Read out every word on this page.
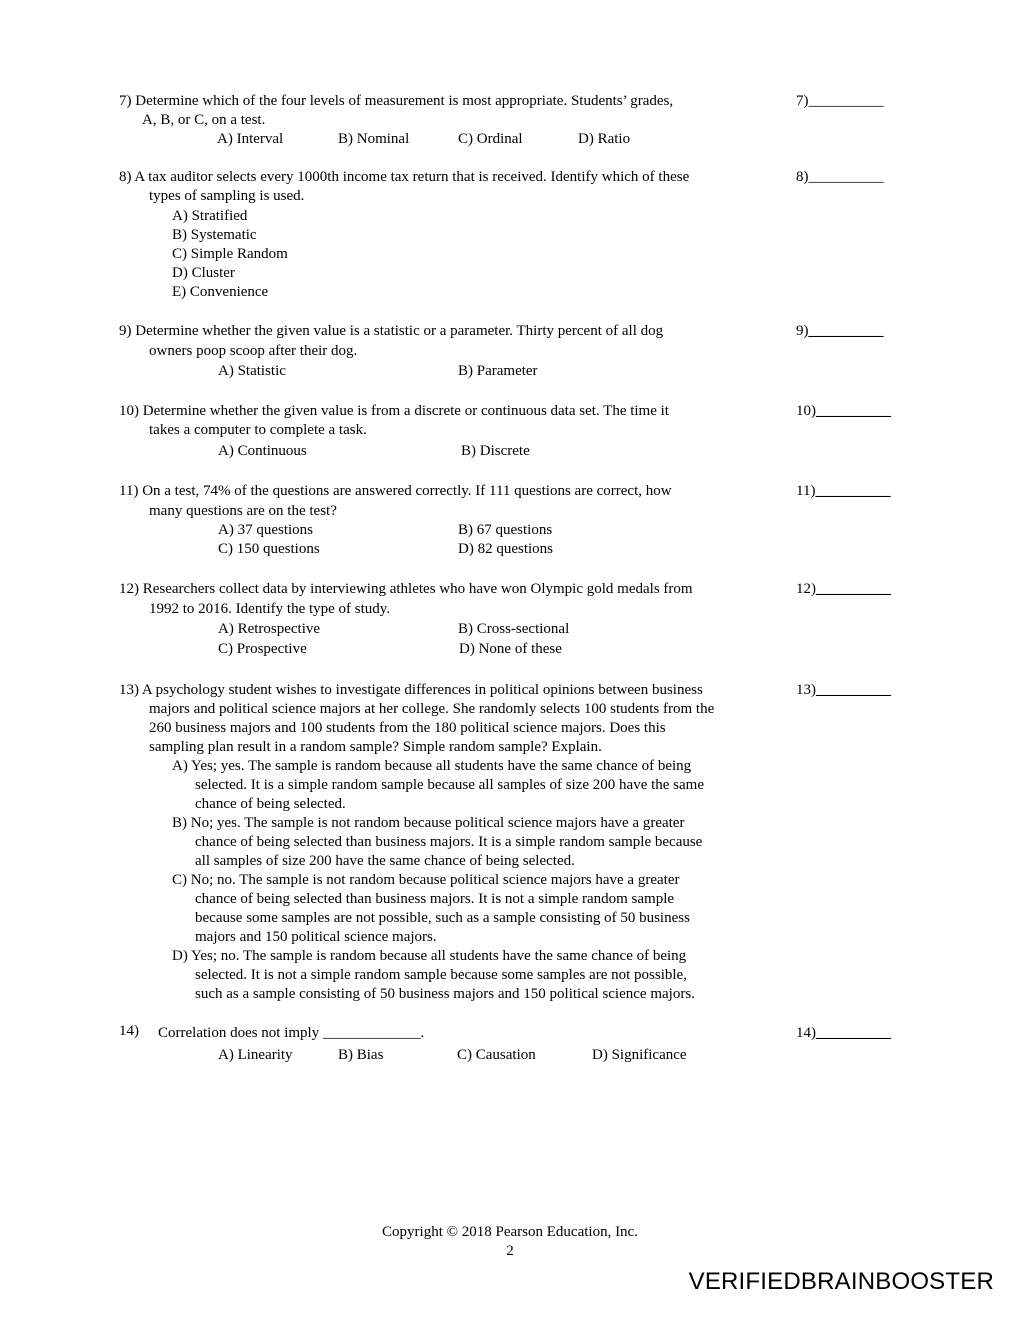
7) Determine which of the four levels of measurement is most appropriate. Students’ grades,
A, B, or C, on a test.
A) Interval	B) Nominal	C) Ordinal	D) Ratio
7)__________
8) A tax auditor selects every 1000th income tax return that is received. Identify which of these
types of sampling is used.
A) Stratified
B) Systematic
C) Simple Random
D) Cluster
E) Convenience
8)__________
9) Determine whether the given value is a statistic or a parameter. Thirty percent of all dog
owners poop scoop after their dog.
A) Statistic	B) Parameter
9)__________
10) Determine whether the given value is from a discrete or continuous data set. The time it
takes a computer to complete a task.
A) Continuous	B) Discrete
10)__________
11) On a test, 74% of the questions are answered correctly. If 111 questions are correct, how
many questions are on the test?
A) 37 questions	B) 67 questions
C) 150 questions	D) 82 questions
11)__________
12) Researchers collect data by interviewing athletes who have won Olympic gold medals from
1992 to 2016. Identify the type of study.
A) Retrospective	B) Cross-sectional
C) Prospective	D) None of these
12)__________
13) A psychology student wishes to investigate differences in political opinions between business
majors and political science majors at her college. She randomly selects 100 students from the
260 business majors and 100 students from the 180 political science majors. Does this
sampling plan result in a random sample? Simple random sample? Explain.
A) Yes; yes. The sample is random because all students have the same chance of being
selected. It is a simple random sample because all samples of size 200 have the same
chance of being selected.
B) No; yes. The sample is not random because political science majors have a greater
chance of being selected than business majors. It is a simple random sample because
all samples of size 200 have the same chance of being selected.
C) No; no. The sample is not random because political science majors have a greater
chance of being selected than business majors. It is not a simple random sample
because some samples are not possible, such as a sample consisting of 50 business
majors and 150 political science majors.
D) Yes; no. The sample is random because all students have the same chance of being
selected. It is not a simple random sample because some samples are not possible,
such as a sample consisting of 50 business majors and 150 political science majors.
13)__________
14) Correlation does not imply _____________.
A) Linearity	B) Bias	C) Causation	D) Significance
14)__________
Copyright © 2018 Pearson Education, Inc.
2
VERIFIEDBRAINBOOSTER
